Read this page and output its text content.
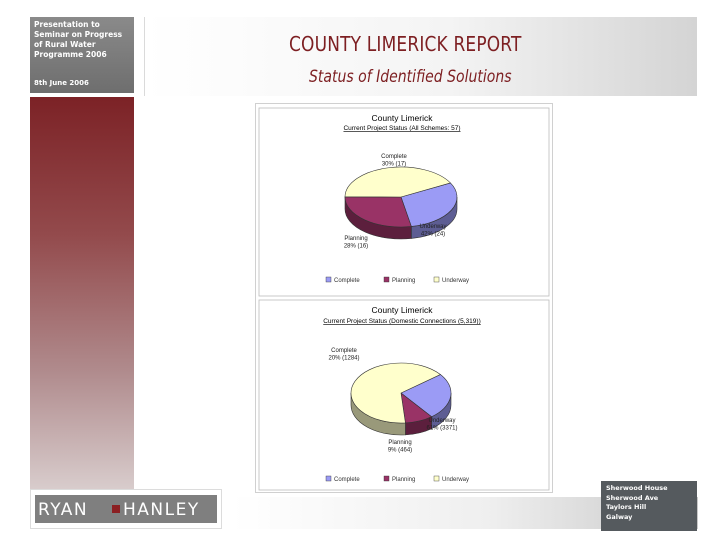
Presentation to
Seminar on Progress
of Rural Water
Programme 2006
8th June 2006
COUNTY LIMERICK REPORT
Status of Identified Solutions
County Limerick
Current Project Status (All Schemes: 57)
Complete 30% (17)
Planning 28% (16)
Underway 42% (24)
Complete	Planning	Underway
County Limerick
Current Project Status (Domestic Connections (5,319))
Complete 20% (1284)
Planning 9% (464)
Underway 61% (3371)
Complete	Planning	Underway
RYAN HANLEY
Sherwood House
Sherwood Ave
Taylors Hill
Galway
